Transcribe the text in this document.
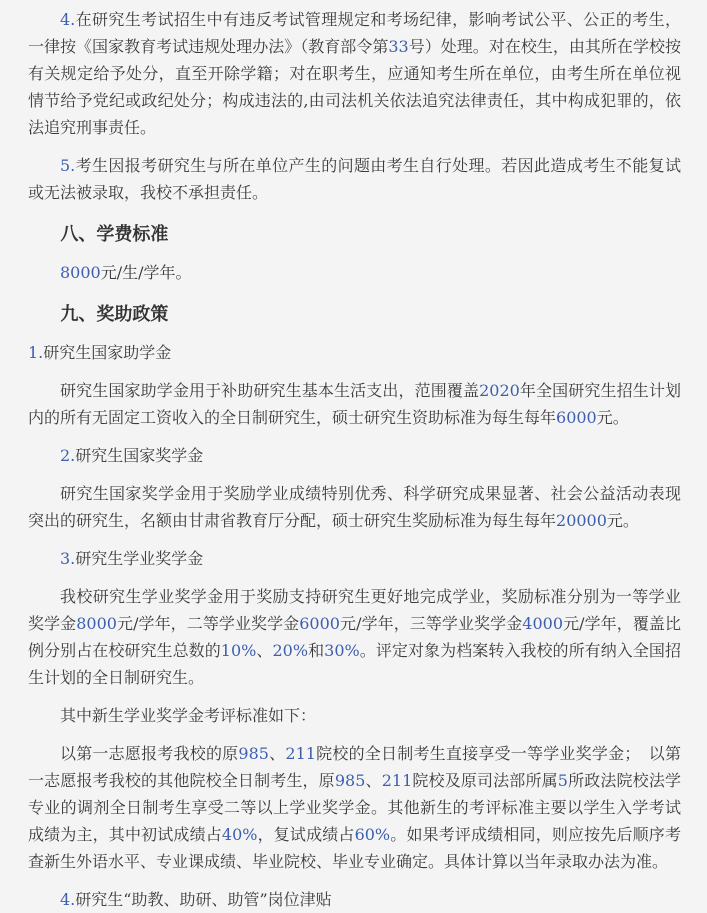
4.在研究生考试招生中有违反考试管理规定和考场纪律，影响考试公平、公正的考生，一律按《国家教育考试违规处理办法》（教育部令第33号）处理。对在校生，由其所在学校按有关规定给予处分，直至开除学籍；对在职考生，应通知考生所在单位，由考生所在单位视情节给予党纪或政纪处分；构成违法的,由司法机关依法追究法律责任，其中构成犯罪的，依法追究刑事责任。

5.考生因报考研究生与所在单位产生的问题由考生自行处理。若因此造成考生不能复试或无法被录取，我校不承担责任。

八、学费标准

8000元/生/学年。

九、奖助政策

1.研究生国家助学金

研究生国家助学金用于补助研究生基本生活支出，范围覆盖2020年全国研究生招生计划内的所有无固定工资收入的全日制研究生，硕士研究生资助标准为每生每年6000元。

2.研究生国家奖学金

研究生国家奖学金用于奖励学业成绩特别优秀、科学研究成果显著、社会公益活动表现突出的研究生，名额由甘肃省教育厅分配，硕士研究生奖励标准为每生每年20000元。

3.研究生学业奖学金

我校研究生学业奖学金用于奖励支持研究生更好地完成学业，奖励标准分别为一等学业奖学金8000元/学年，二等学业奖学金6000元/学年，三等学业奖学金4000元/学年，覆盖比例分别占在校研究生总数的10%、20%和30%。评定对象为档案转入我校的所有纳入全国招生计划的全日制研究生。

其中新生学业奖学金考评标准如下：

以第一志愿报考我校的原985、211院校的全日制考生直接享受一等学业奖学金；　以第一志愿报考我校的其他院校全日制考生，原985、211院校及原司法部所属5所政法院校法学专业的调剂全日制考生享受二等以上学业奖学金。其他新生的考评标准主要以学生入学考试成绩为主，其中初试成绩占40%，复试成绩占60%。如果考评成绩相同，则应按先后顺序考查新生外语水平、专业课成绩、毕业院校、毕业专业确定。具体计算以当年录取办法为准。

4.研究生“助教、助研、助管”岗位津贴
